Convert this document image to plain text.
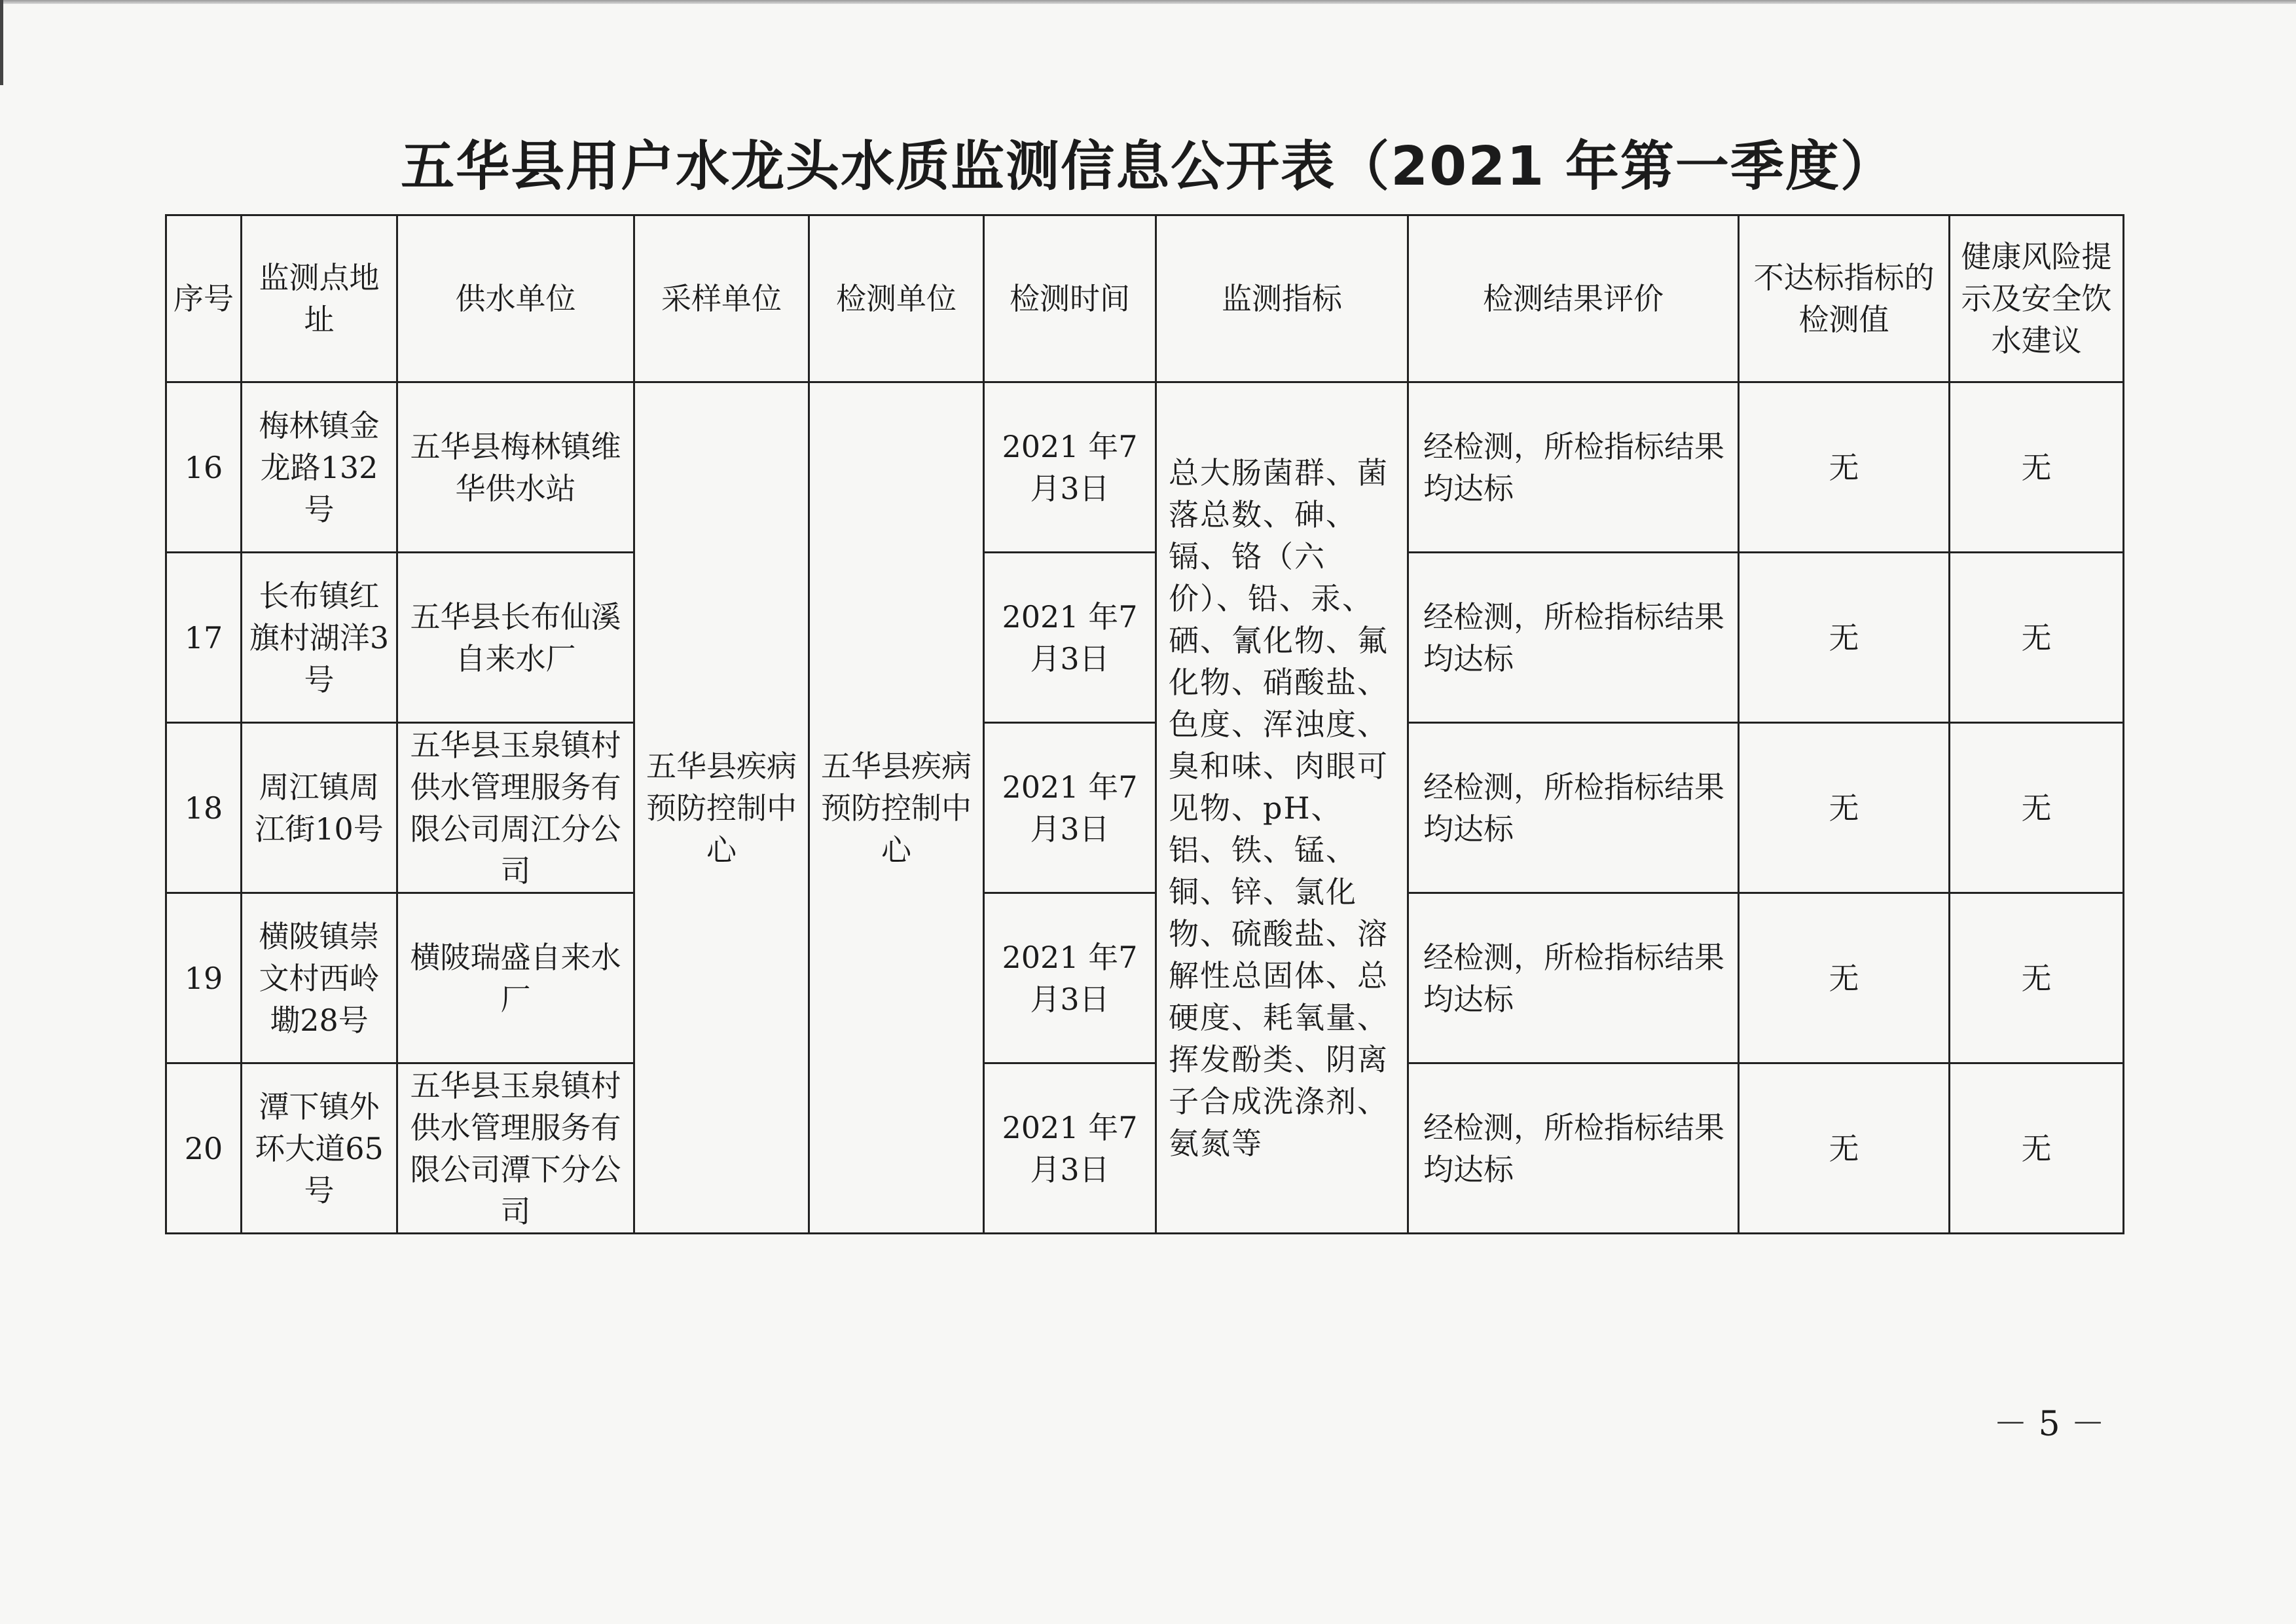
五华县用户水龙头水质监测信息公开表（2021 年第一季度）
序号	监测点地址	供水单位	采样单位	检测单位	检测时间	监测指标	检测结果评价	不达标指标的检测值	健康风险提示及安全饮水建议
16	梅林镇金龙路132号	五华县梅林镇维华供水站	五华县疾病预防控制中心	五华县疾病预防控制中心	2021 年7月3日	总大肠菌群、菌落总数、砷、镉、铬（六价）、铅、汞、硒、氰化物、氟化物、硝酸盐、色度、浑浊度、臭和味、肉眼可见物、pH、铝、铁、锰、铜、锌、氯化物、硫酸盐、溶解性总固体、总硬度、耗氧量、挥发酚类、阴离子合成洗涤剂、氨氮等	经检测，所检指标结果均达标	无	无
17	长布镇红旗村湖洋3号	五华县长布仙溪自来水厂			2021 年7月3日		经检测，所检指标结果均达标	无	无
18	周江镇周江街10号	五华县玉泉镇村供水管理服务有限公司周江分公司			2021 年7月3日		经检测，所检指标结果均达标	无	无
19	横陂镇崇文村西岭墈28号	横陂瑞盛自来水厂			2021 年7月3日		经检测，所检指标结果均达标	无	无
20	潭下镇外环大道65号	五华县玉泉镇村供水管理服务有限公司潭下分公司			2021 年7月3日		经检测，所检指标结果均达标	无	无
－ 5 －
